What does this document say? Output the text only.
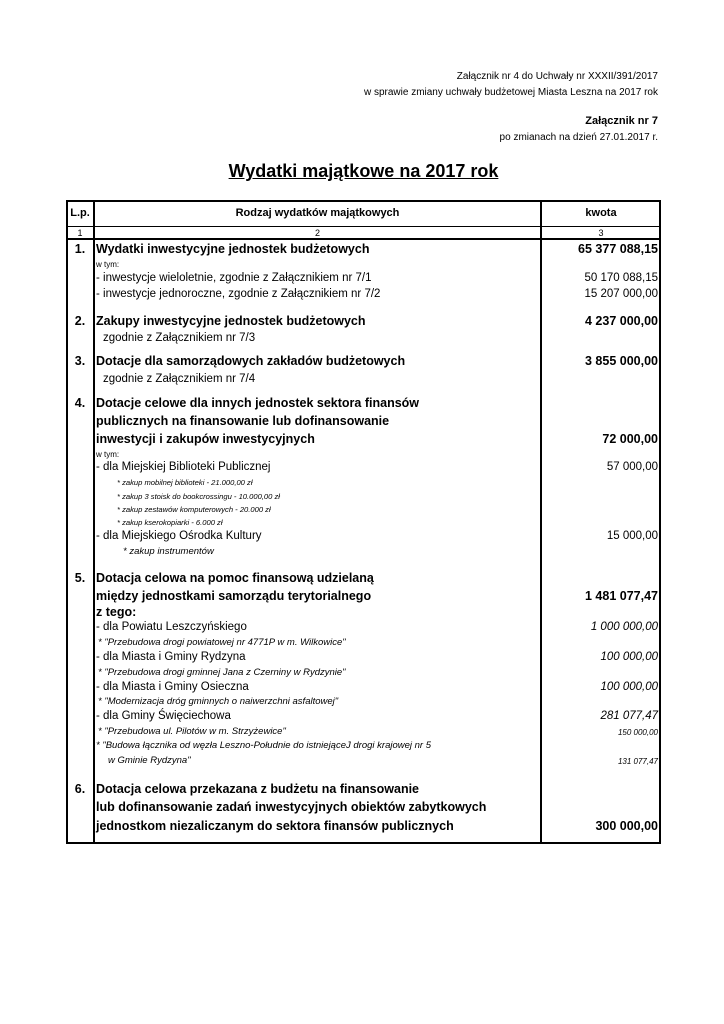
Załącznik nr 4 do Uchwały nr XXXII/391/2017
w sprawie zmiany uchwały budżetowej Miasta Leszna na 2017 rok
Załącznik nr 7
po zmianach na dzień 27.01.2017 r.
Wydatki majątkowe na 2017 rok
L.p.	Rodzaj wydatków majątkowych	kwota
1	2	3
1. Wydatki inwestycyjne jednostek budżetowych	65 377 088,15
w tym:
- inwestycje wieloletnie, zgodnie z Załącznikiem nr 7/1	50 170 088,15
- inwestycje jednoroczne, zgodnie z Załącznikiem nr 7/2	15 207 000,00
2. Zakupy inwestycyjne jednostek budżetowych	4 237 000,00
zgodnie z Załącznikiem nr 7/3
3. Dotacje dla samorządowych zakładów budżetowych	3 855 000,00
zgodnie z Załącznikiem nr 7/4
4. Dotacje celowe dla innych jednostek sektora finansów
publicznych na finansowanie lub dofinansowanie
inwestycji i zakupów inwestycyjnych	72 000,00
w tym:
- dla Miejskiej Biblioteki Publicznej	57 000,00
* zakup mobilnej biblioteki - 21.000,00 zł
* zakup 3 stoisk do bookcrossingu - 10.000,00 zł
* zakup zestawów komputerowych - 20.000 zł
* zakup kserokopiarki - 6.000 zł
- dla Miejskiego Ośrodka Kultury	15 000,00
* zakup instrumentów
5. Dotacja celowa na pomoc finansową udzielaną
między jednostkami samorządu terytorialnego	1 481 077,47
z tego:
- dla Powiatu Leszczyńskiego	1 000 000,00
* "Przebudowa drogi powiatowej nr 4771P w m. Wilkowice"
- dla Miasta i Gminy Rydzyna	100 000,00
* "Przebudowa drogi gminnej Jana z Czerniny w Rydzynie"
- dla Miasta i Gminy Osieczna	100 000,00
* "Modernizacja dróg gminnych o naiwerzchni asfaltowej"
- dla Gminy Święciechowa	281 077,47
* "Przebudowa ul. Pilotów w m. Strzyżewice"	150 000,00
* "Budowa łącznika od węzła Leszno-Południe do istniejąceJ drogi krajowej nr 5
w Gminie Rydzyna"	131 077,47
6. Dotacja celowa przekazana z budżetu na finansowanie
lub dofinansowanie zadań inwestycyjnych obiektów zabytkowych
jednostkom niezaliczanym do sektora finansów publicznych	300 000,00
